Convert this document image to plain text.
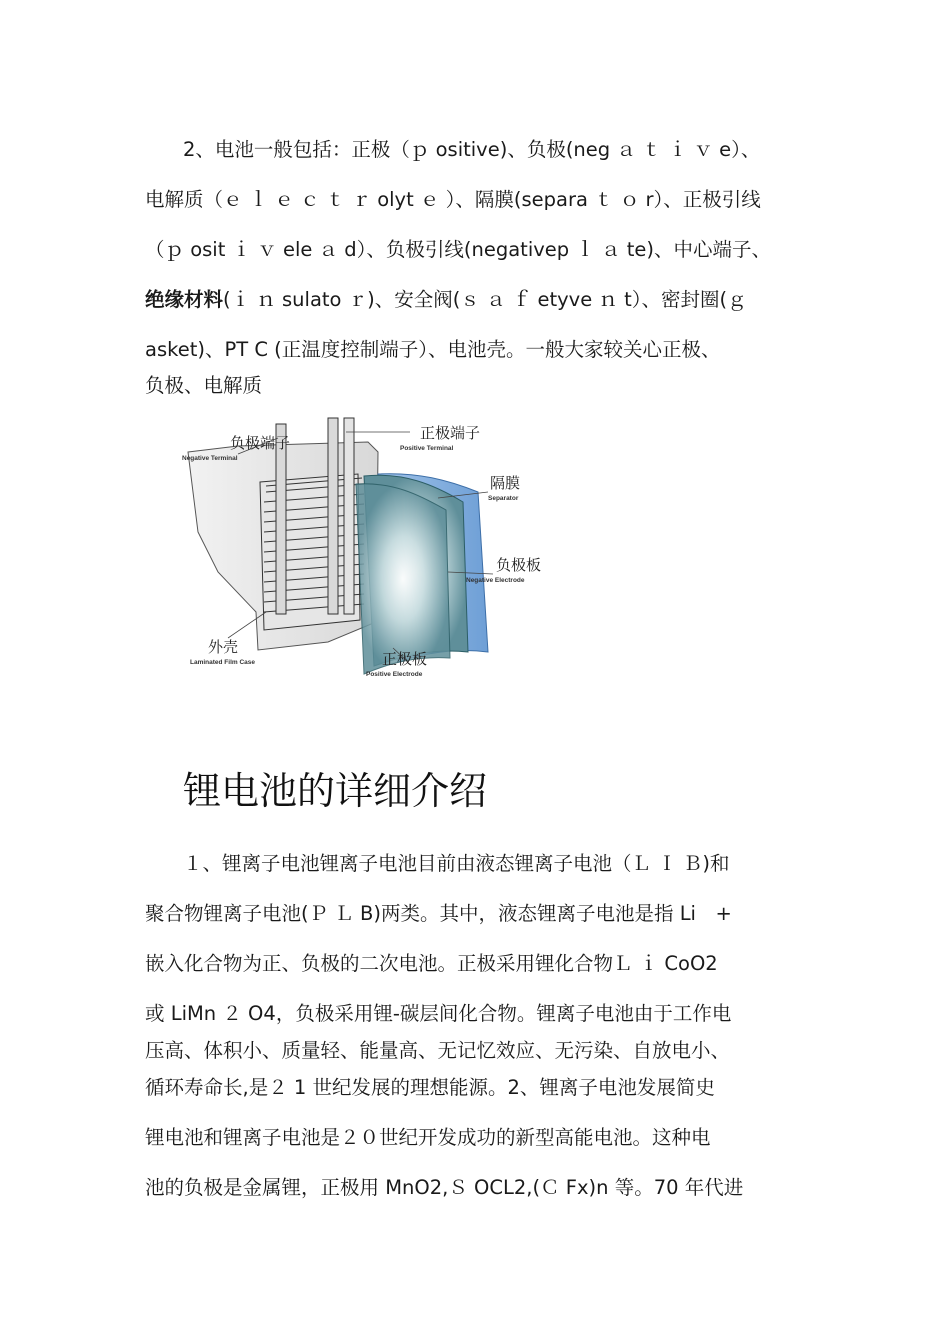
2、电池一般包括：正极（ｐ ositive)、负极(neg ａ ｔ ｉ ｖ e）、
电解质（ｅ ｌ ｅ ｃ ｔ ｒ olyt ｅ ）、隔膜(separa ｔ ｏ r）、正极引线
（ｐ osit ｉ ｖ ele ａ d）、负极引线(negativep ｌ ａ te)、中心端子、
绝缘材料(ｉ ｎ sulato ｒ)、安全阀(ｓ ａ ｆ etyve ｎ t）、密封圈(ｇ
asket)、PT C (正温度控制端子）、电池壳。一般大家较关心正极、
负极、电解质
负极端子
Negative Terminal
正极端子
Positive Terminal
隔膜
Separator
负极板
Negative Electrode
外壳
Laminated Film Case	正极板
Positive Electrode
锂电池的详细介绍
１、锂离子电池﻿锂离子电池目前由液态锂离子电池（Ｌ Ｉ Ｂ)和
聚合物锂离子电池(Ｐ Ｌ B)两类。其中，液态锂离子电池是指 Li　+
嵌入化合物为正、负极的二次电池。正极采用锂化合物Ｌ ｉ CoO2
或 LiMn ２ O4，负极采用锂-碳层间化合物。锂离子电池由于工作电
压高、体积小、质量轻、能量高、无记忆效应、无污染、自放电小、
循环寿命长,是２ 1 世纪发展的理想能源。2﻿、锂离子电池发展简史
锂电池和锂离子电池是２０世纪开发成功的新型高能电池。这种电
池的负极是金属锂，正极用 MnO2,Ｓ OCL2,(Ｃ Fx)n 等。70 年代进
